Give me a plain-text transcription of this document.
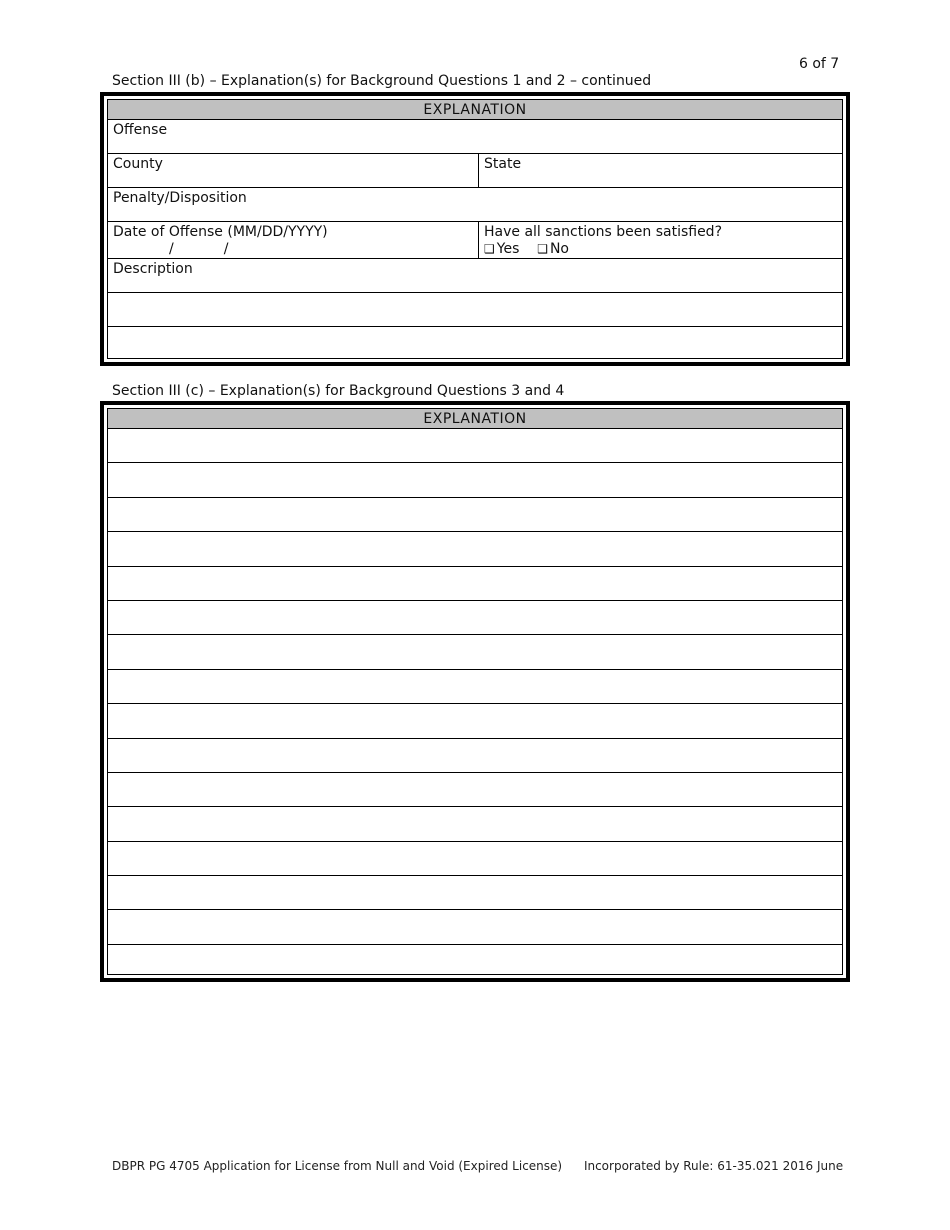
6 of 7
Section III (b) – Explanation(s) for Background Questions 1 and 2 – continued
EXPLANATION
Offense
County	State
Penalty/Disposition
Date of Offense (MM/DD/YYYY)
/	/
Have all sanctions been satisfied?
❑ Yes ❑ No
Description
Section III (c) – Explanation(s) for Background Questions 3 and 4
EXPLANATION
DBPR PG 4705 Application for License from Null and Void (Expired License) Incorporated by Rule: 61-35.021 2016 June
